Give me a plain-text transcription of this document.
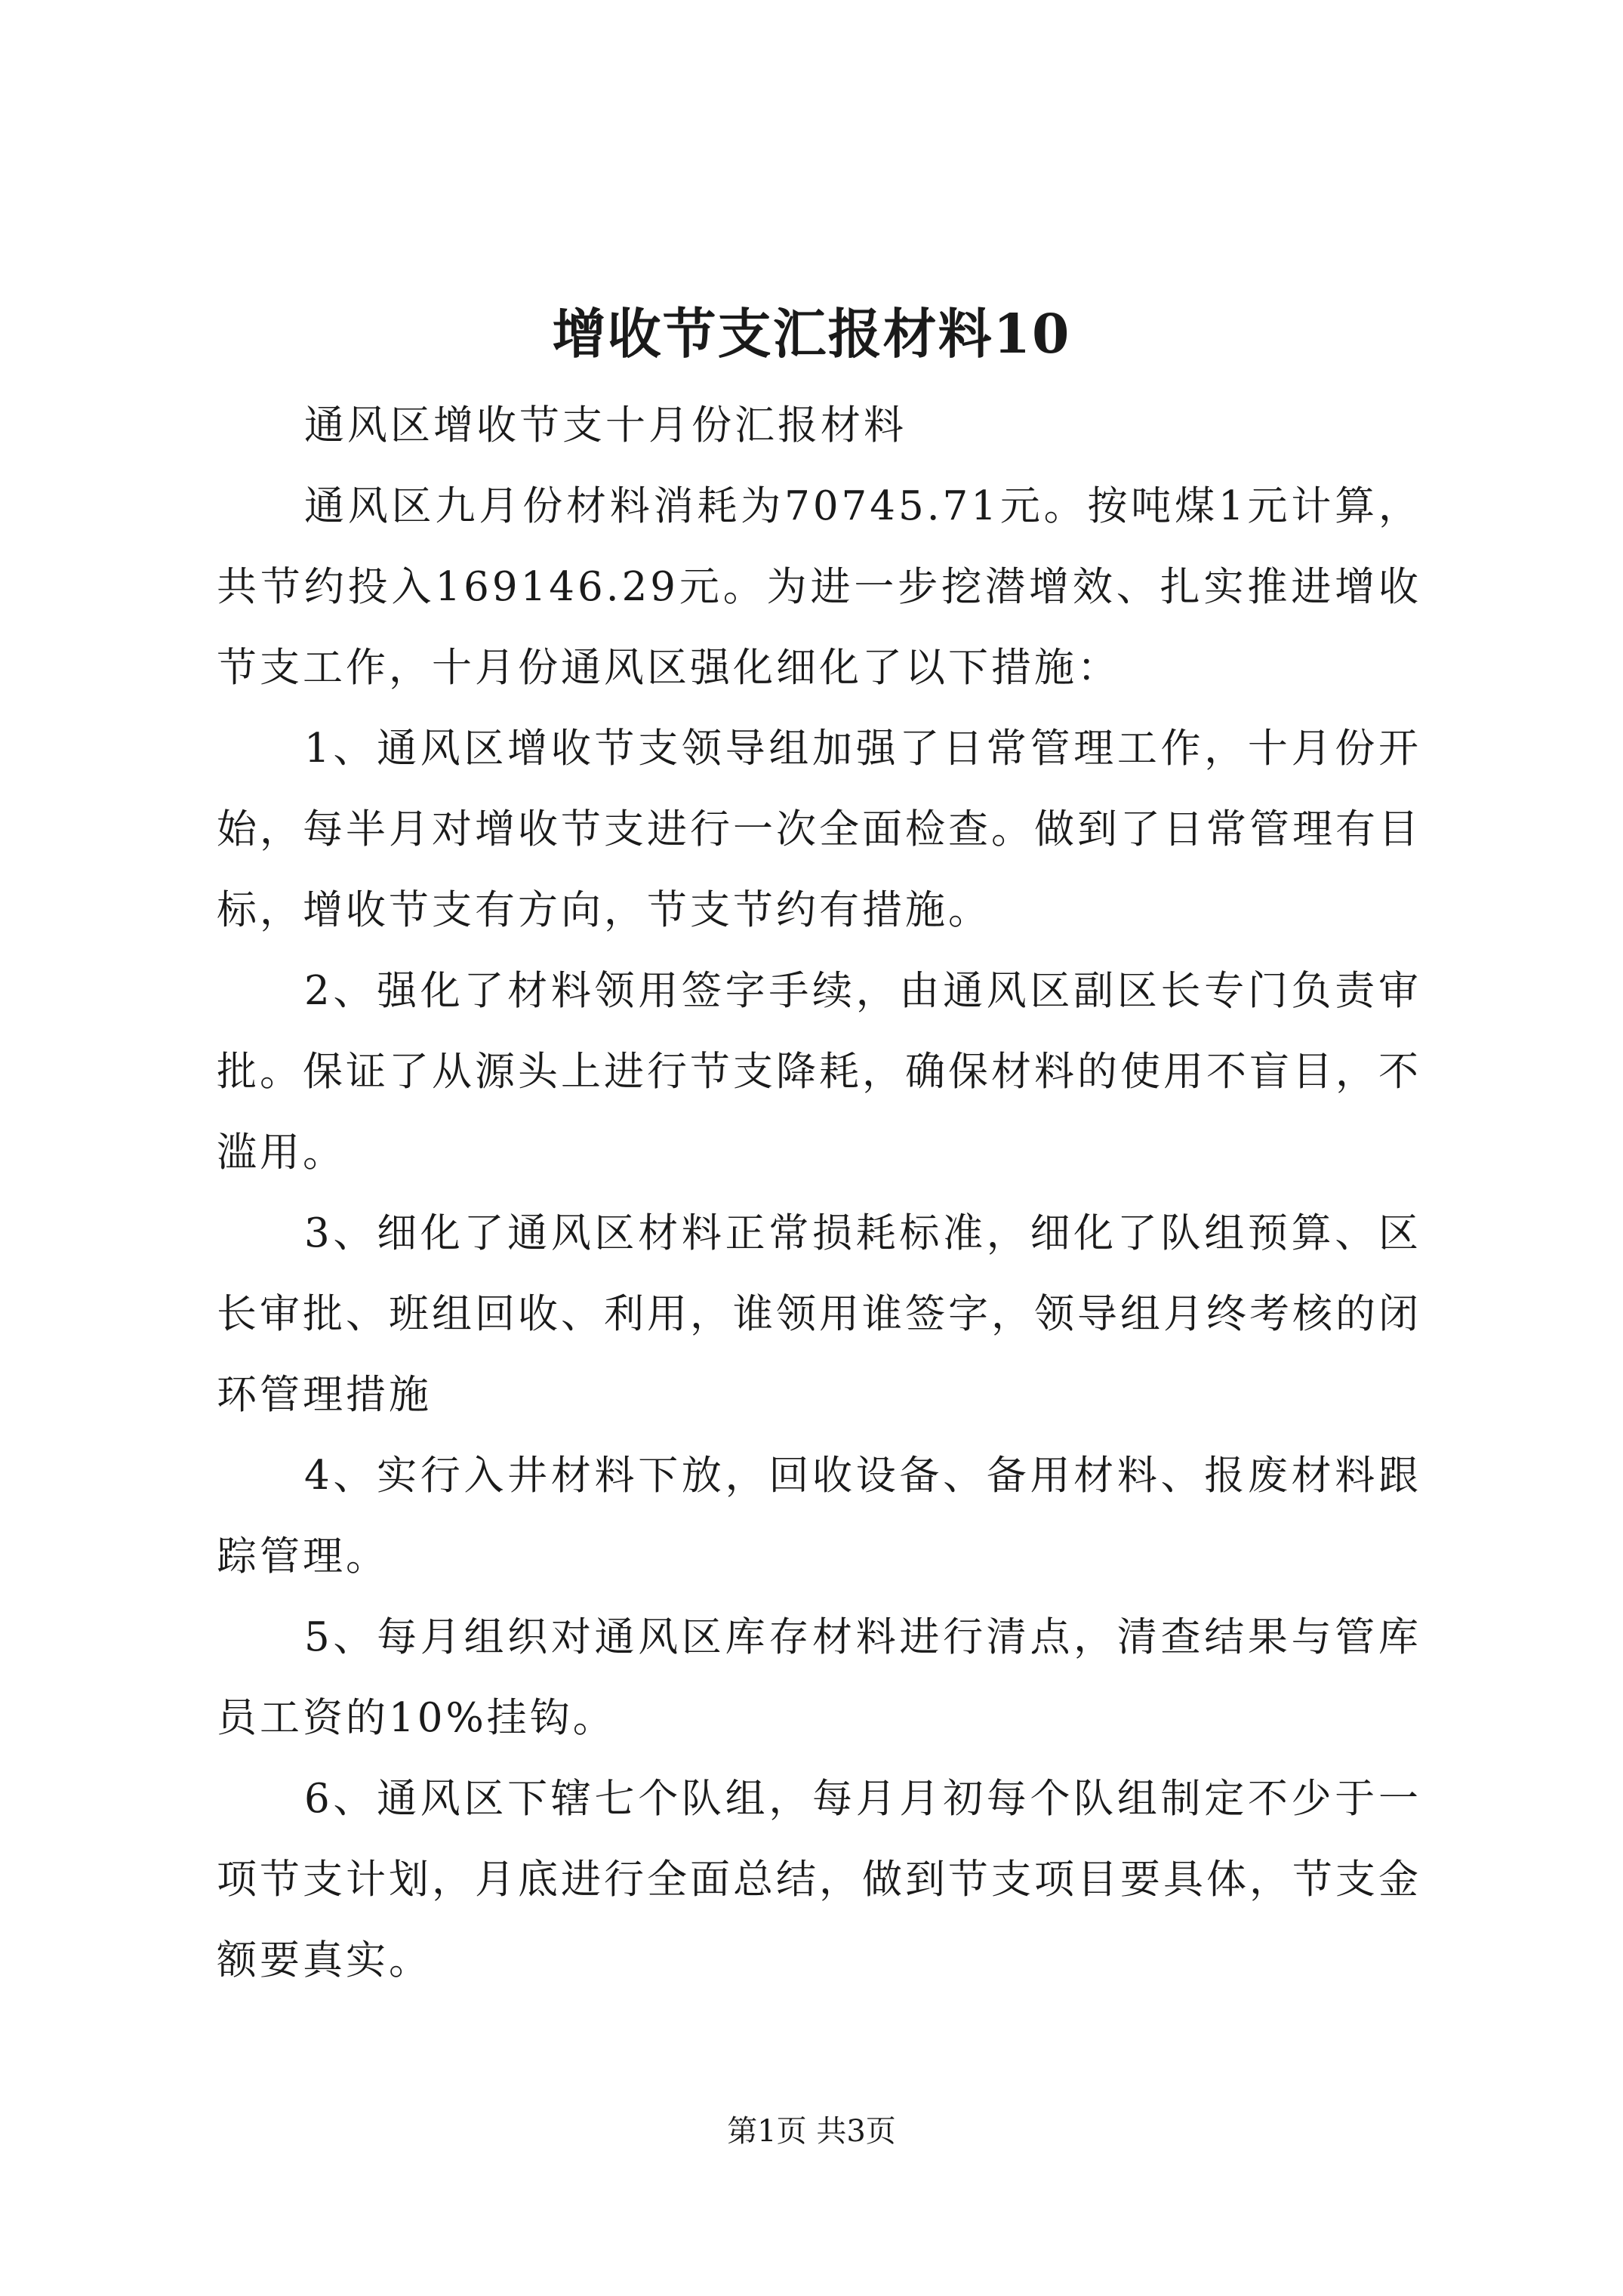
增收节支汇报材料10

通风区增收节支十月份汇报材料

通风区九月份材料消耗为70745.71元。按吨煤1元计算，共节约投入169146.29元。为进一步挖潜增效、扎实推进增收节支工作，十月份通风区强化细化了以下措施：

1、通风区增收节支领导组加强了日常管理工作，十月份开始，每半月对增收节支进行一次全面检查。做到了日常管理有目标，增收节支有方向，节支节约有措施。

2、强化了材料领用签字手续，由通风区副区长专门负责审批。保证了从源头上进行节支降耗，确保材料的使用不盲目，不滥用。

3、细化了通风区材料正常损耗标准，细化了队组预算、区长审批、班组回收、利用，谁领用谁签字，领导组月终考核的闭环管理措施

4、实行入井材料下放，回收设备、备用材料、报废材料跟踪管理。

5、每月组织对通风区库存材料进行清点，清查结果与管库员工资的10%挂钩。

6、通风区下辖七个队组，每月月初每个队组制定不少于一项节支计划，月底进行全面总结，做到节支项目要具体，节支金额要真实。

第1页 共3页
